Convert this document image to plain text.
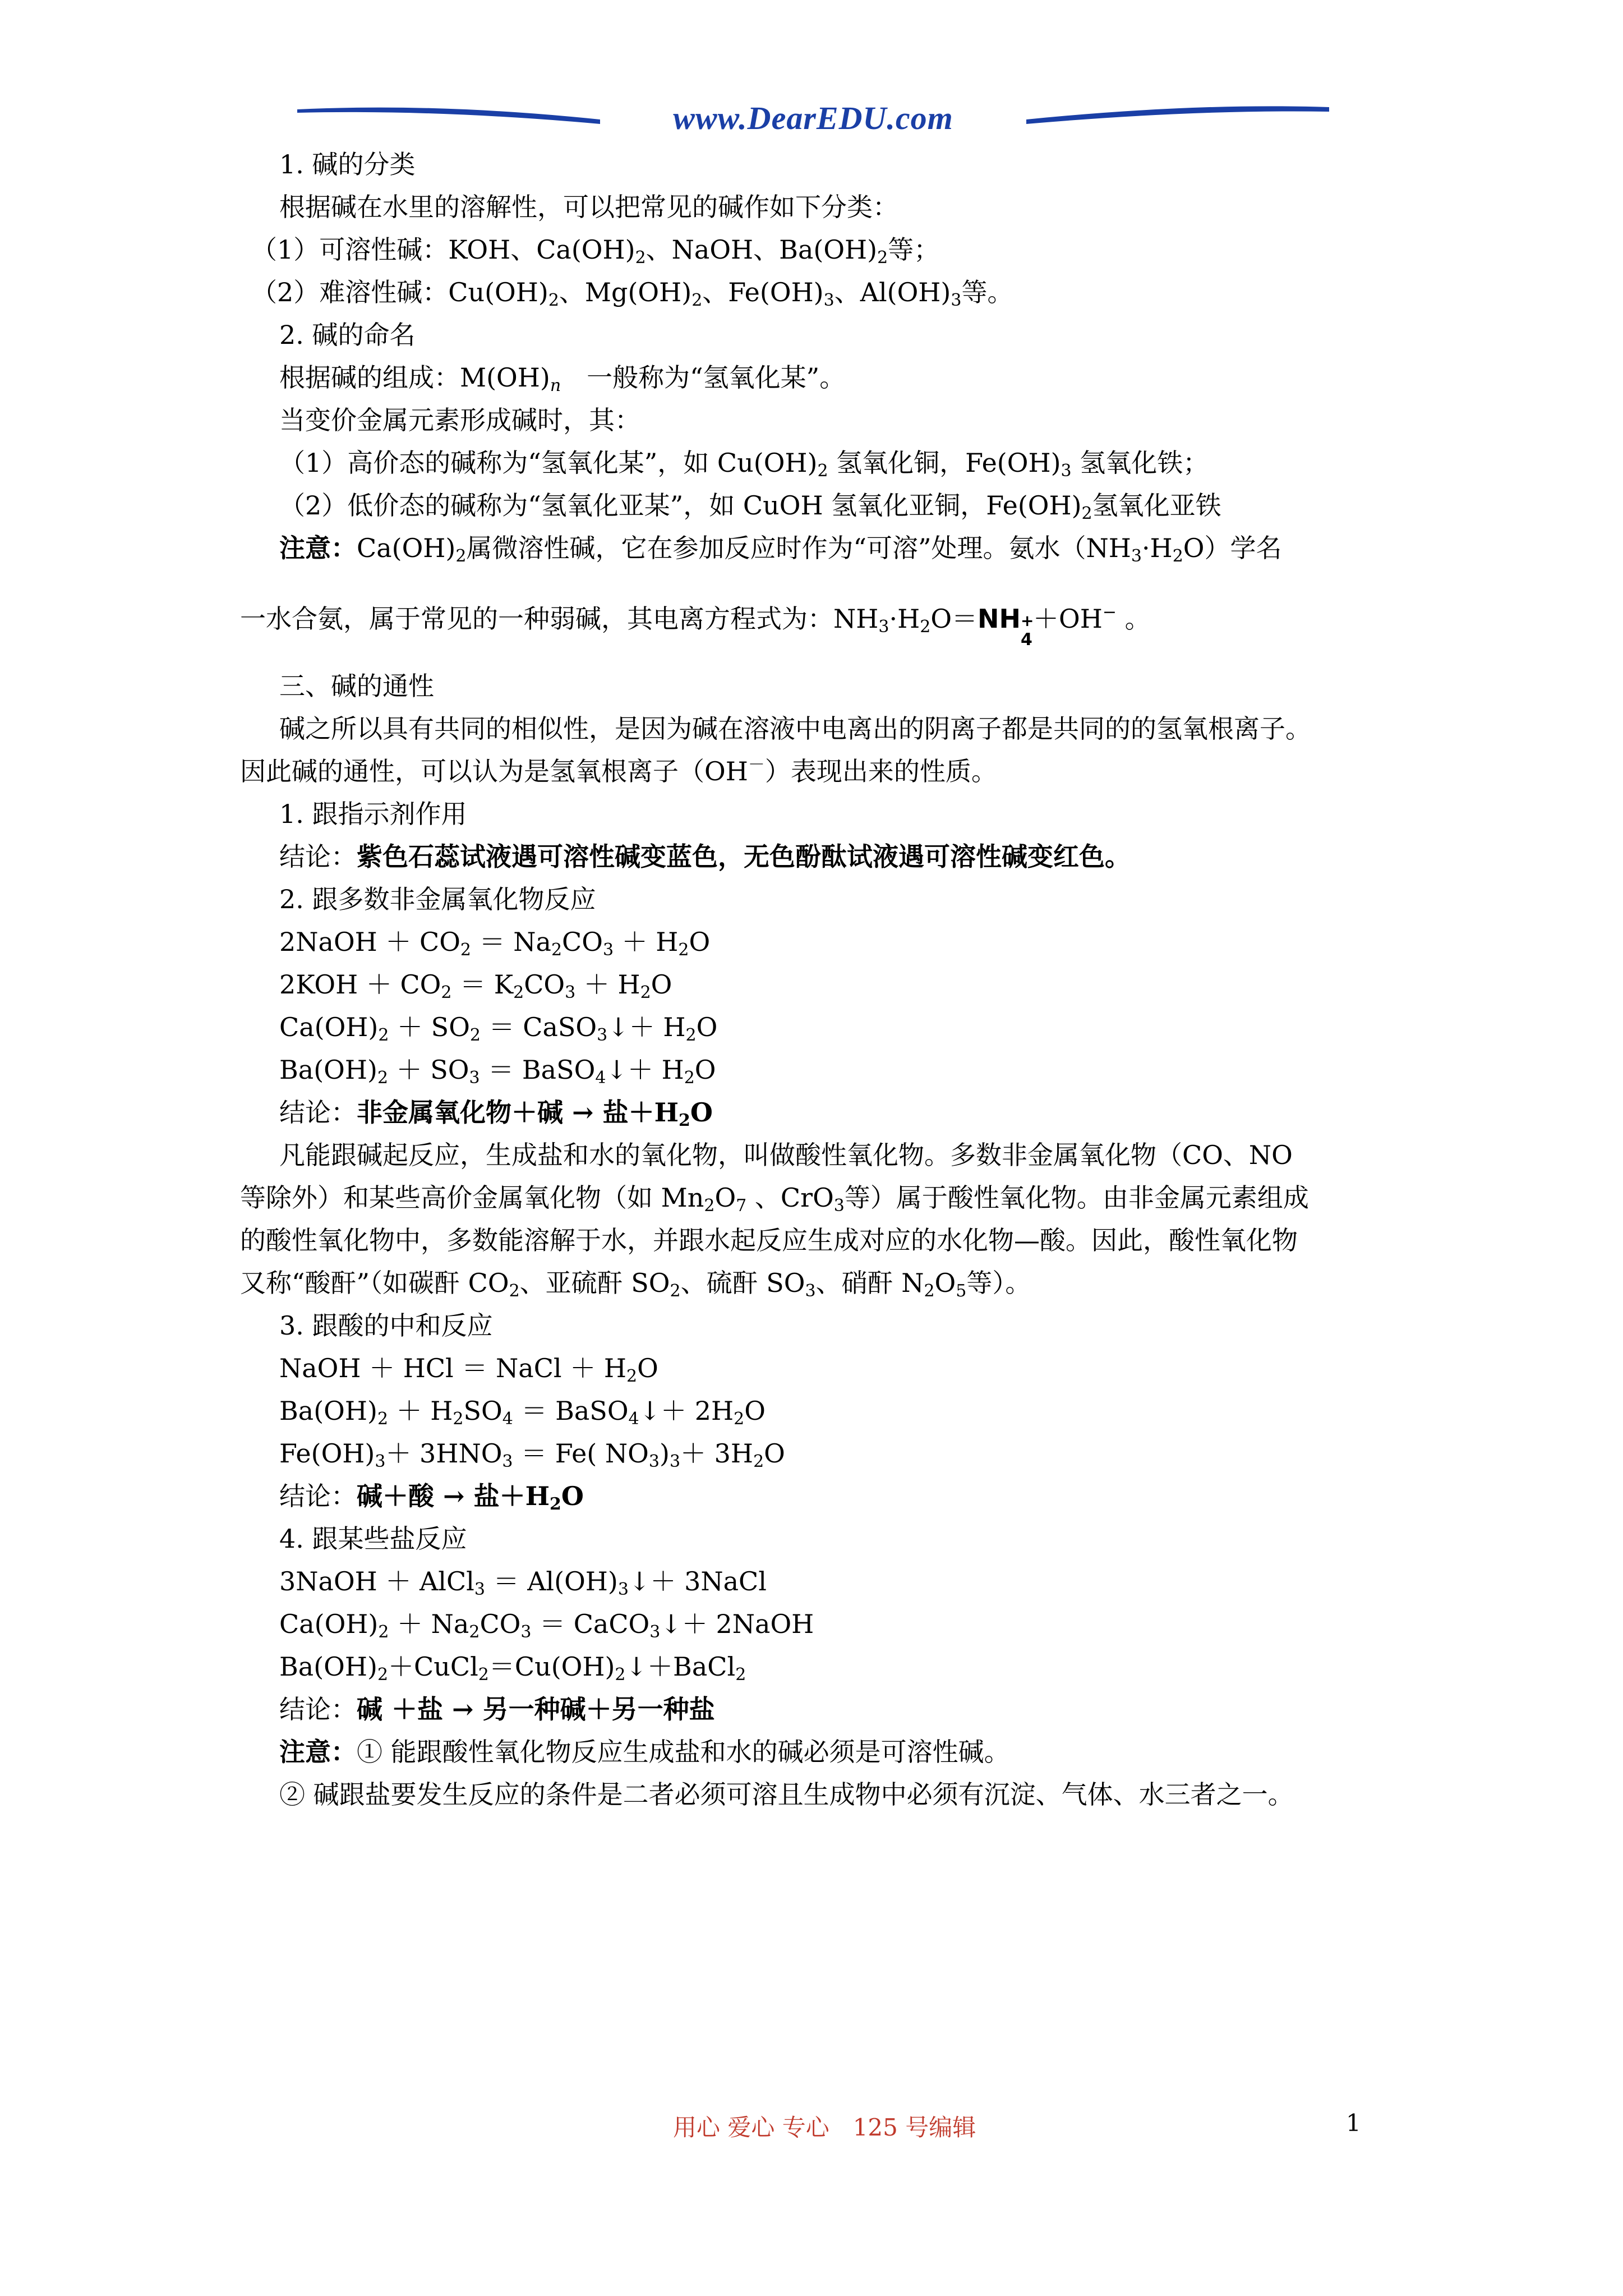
www.DearEDU.com
1. 碱的分类
根据碱在水里的溶解性，可以把常见的碱作如下分类：
（1）可溶性碱：KOH、$Ca(OH)_2$、NaOH、$Ba(OH)_2$等；
（2）难溶性碱：$Cu(OH)_2$、$Mg(OH)_2$、$Fe(OH)_3$、$Al(OH)_3$等。
2. 碱的命名
根据碱的组成：$M(OH)_n$　一般称为“氢氧化某”。
当变价金属元素形成碱时，其：
（1）高价态的碱称为“氢氧化某”，如 $Cu(OH)_2$ 氢氧化铜，$Fe(OH)_3$ 氢氧化铁；
（2）低价态的碱称为“氢氧化亚某”，如 CuOH 氢氧化亚铜，$Fe(OH)_2$氢氧化亚铁
注意：$Ca(OH)_2$属微溶性碱，它在参加反应时作为“可溶”处理。氨水$(NH_3\cdot H_2O)$学名
一水合氨，属于常见的一种弱碱，其电离方程式为：$NH_3\cdot H_2O=NH$ +
4
＋OH− 。
三、碱的通性
碱之所以具有共同的相似性，是因为碱在溶液中电离出的阴离子都是共同的的氢氧根离子。
因此碱的通性，可以认为是氢氧根离子（OH－）表现出来的性质。
1. 跟指示剂作用
结论：紫色石蕊试液遇可溶性碱变蓝色，无色酚酞试液遇可溶性碱变红色。
2. 跟多数非金属氧化物反应
2NaOH ＋ $CO_2 = Na_2CO_3 + H_2O$
$2KOH + CO_2 = K_2CO_3 + H_2O$
$Ca(OH)_2 + SO_2$ ＝ CaSO$_3$↓＋ $H_2O$
$Ba(OH)_2 + SO_3$ ＝ BaSO$_4$↓＋ $H_2O$
结论：非金属氧化物＋碱 → 盐$+H_2O$
凡能跟碱起反应，生成盐和水的氧化物，叫做酸性氧化物。多数非金属氧化物（CO、NO
等除外）和某些高价金属氧化物（如 $Mn_2O_7$ 、CrO$_3$等）属于酸性氧化物。由非金属元素组成
的酸性氧化物中，多数能溶解于水，并跟水起反应生成对应的水化物—酸。因此，酸性氧化物
又称“酸酐”（如碳酐 $CO_2$、亚硫酐 $SO_2$、硫酐 $SO_3$、硝酐 $N_2O_5$等）。
3. 跟酸的中和反应
NaOH ＋ HCl ＝ NaCl ＋ $H_2O$
$Ba(OH)_2 + H_2SO_4$ ＝ BaSO$_4$↓＋ $2H_2O$
$Fe(OH)_3+ 3HNO_3 = Fe$( $NO_3)_3+ 3H_2O$
结论：碱＋酸 → 盐$+H_2O$
4. 跟某些盐反应
3NaOH ＋ AlCl$_3$ ＝ $Al(OH)_3↓+$ 3NaCl
$Ca(OH)_2 + Na_2CO_3$ ＝ CaCO$_3$↓＋ 2NaOH
$Ba(OH)_2+CuCl_2=Cu(OH)_2↓+BaCl_2$
结论：碱 ＋盐 → 另一种碱＋另一种盐
注意：① 能跟酸性氧化物反应生成盐和水的碱必须是可溶性碱。
② 碱跟盐要发生反应的条件是二者必须可溶且生成物中必须有沉淀、气体、水三者之一。
用心 爱心 专心　125 号编辑	1
